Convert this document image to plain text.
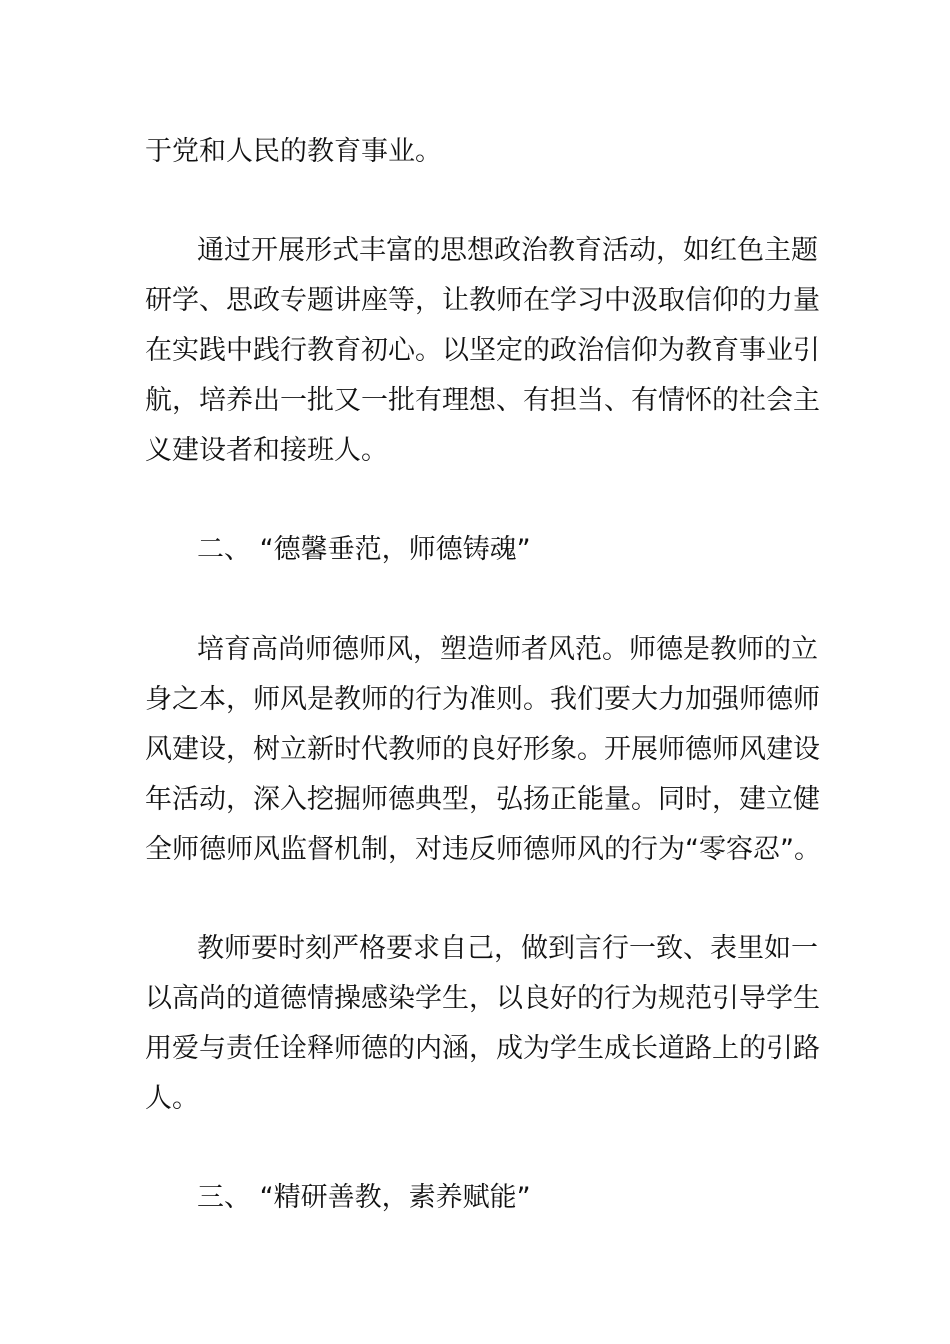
于党和人民的教育事业。
通过开展形式丰富的思想政治教育活动，如红色主题
研学、思政专题讲座等，让教师在学习中汲取信仰的力量
在实践中践行教育初心。以坚定的政治信仰为教育事业引
航，培养出一批又一批有理想、有担当、有情怀的社会主
义建设者和接班人。
二、 “德馨垂范，师德铸魂”
培育高尚师德师风，塑造师者风范。师德是教师的立
身之本，师风是教师的行为准则。我们要大力加强师德师
风建设，树立新时代教师的良好形象。开展师德师风建设
年活动，深入挖掘师德典型，弘扬正能量。同时，建立健
全师德师风监督机制，对违反师德师风的行为“零容忍”。
教师要时刻严格要求自己，做到言行一致、表里如一
以高尚的道德情操感染学生，以良好的行为规范引导学生
用爱与责任诠释师德的内涵，成为学生成长道路上的引路
人。
三、 “精研善教，素养赋能”
